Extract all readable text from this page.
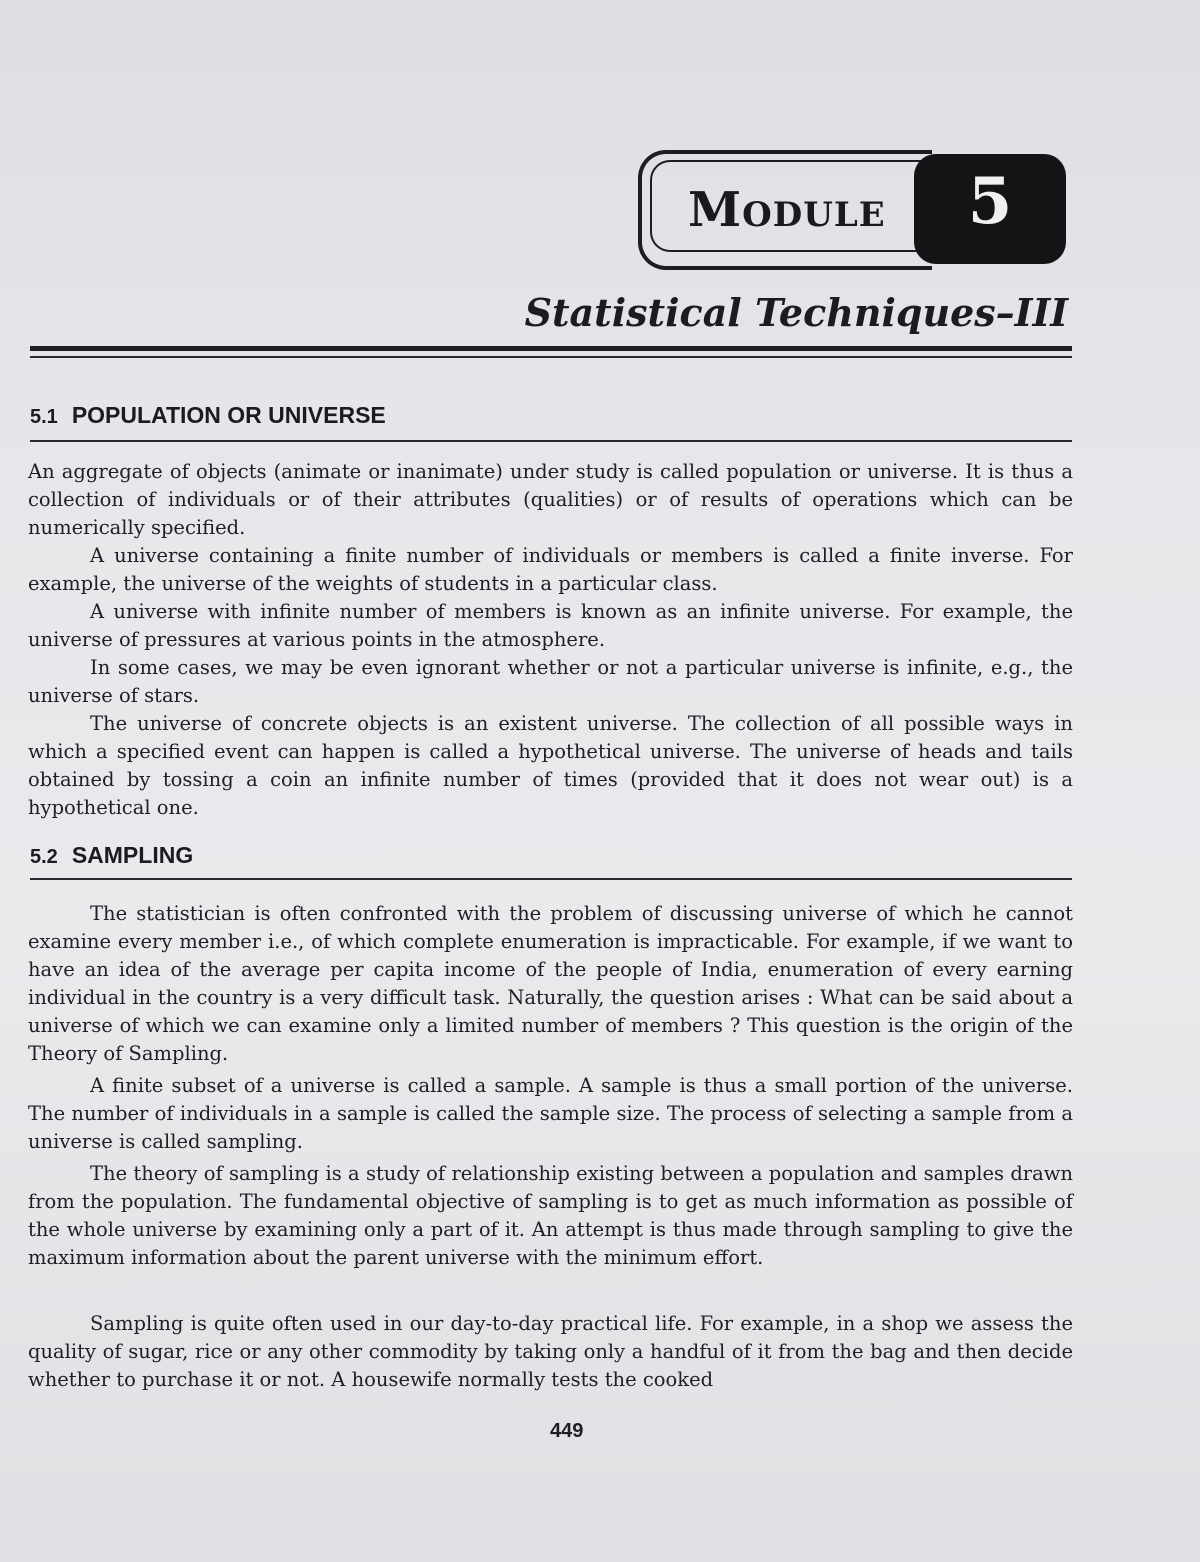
Module	5
Statistical Techniques–III
5.1 POPULATION OR UNIVERSE

An aggregate of objects (animate or inanimate) under study is called population or universe. It is thus a collection of individuals or of their attributes (qualities) or of results of operations which can be numerically specified.

A universe containing a finite number of individuals or members is called a finite inverse. For example, the universe of the weights of students in a particular class.

A universe with infinite number of members is known as an infinite universe. For example, the universe of pressures at various points in the atmosphere.

In some cases, we may be even ignorant whether or not a particular universe is infinite, e.g., the universe of stars.

The universe of concrete objects is an existent universe. The collection of all possible ways in which a specified event can happen is called a hypothetical universe. The universe of heads and tails obtained by tossing a coin an infinite number of times (provided that it does not wear out) is a hypothetical one.

5.2 SAMPLING

The statistician is often confronted with the problem of discussing universe of which he cannot examine every member i.e., of which complete enumeration is impracticable. For example, if we want to have an idea of the average per capita income of the people of India, enumeration of every earning individual in the country is a very difficult task. Naturally, the question arises : What can be said about a universe of which we can examine only a limited number of members ? This question is the origin of the Theory of Sampling.

A finite subset of a universe is called a sample. A sample is thus a small portion of the universe. The number of individuals in a sample is called the sample size. The process of selecting a sample from a universe is called sampling.

The theory of sampling is a study of relationship existing between a population and samples drawn from the population. The fundamental objective of sampling is to get as much information as possible of the whole universe by examining only a part of it. An attempt is thus made through sampling to give the maximum information about the parent universe with the minimum effort.

Sampling is quite often used in our day-to-day practical life. For example, in a shop we assess the quality of sugar, rice or any other commodity by taking only a handful of it from the bag and then decide whether to purchase it or not. A housewife normally tests the cooked

449
